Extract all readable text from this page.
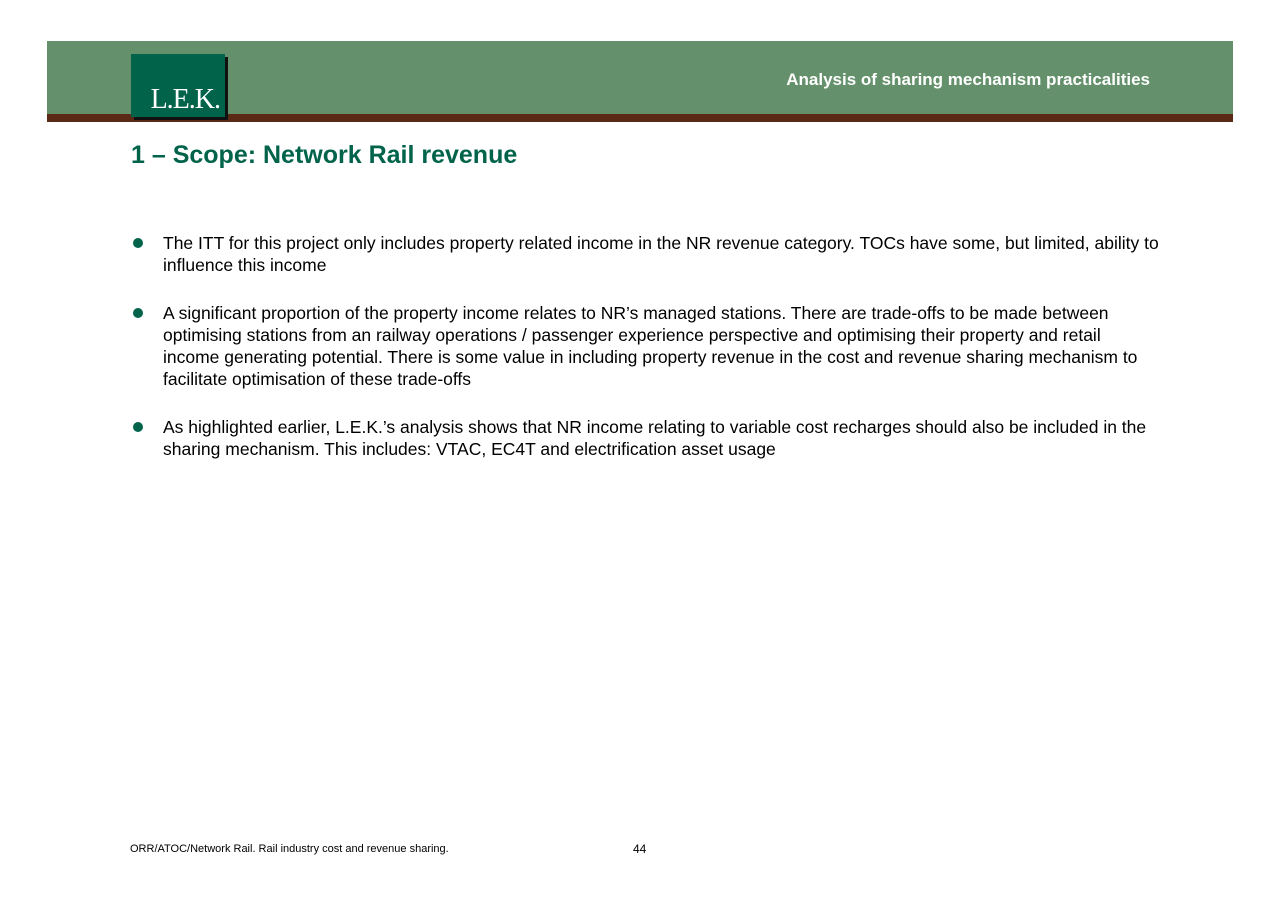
L.E.K.
Analysis of sharing mechanism practicalities
1 – Scope: Network Rail revenue
The ITT for this project only includes property related income in the NR revenue category. TOCs have some, but limited, ability to influence this income
A significant proportion of the property income relates to NR’s managed stations. There are trade-offs to be made between optimising stations from an railway operations / passenger experience perspective and optimising their property and retail income generating potential. There is some value in including property revenue in the cost and revenue sharing mechanism to facilitate optimisation of these trade-offs
As highlighted earlier, L.E.K.’s analysis shows that NR income relating to variable cost recharges should also be included in the sharing mechanism. This includes: VTAC, EC4T and electrification asset usage
ORR/ATOC/Network Rail. Rail industry cost and revenue sharing.	44
